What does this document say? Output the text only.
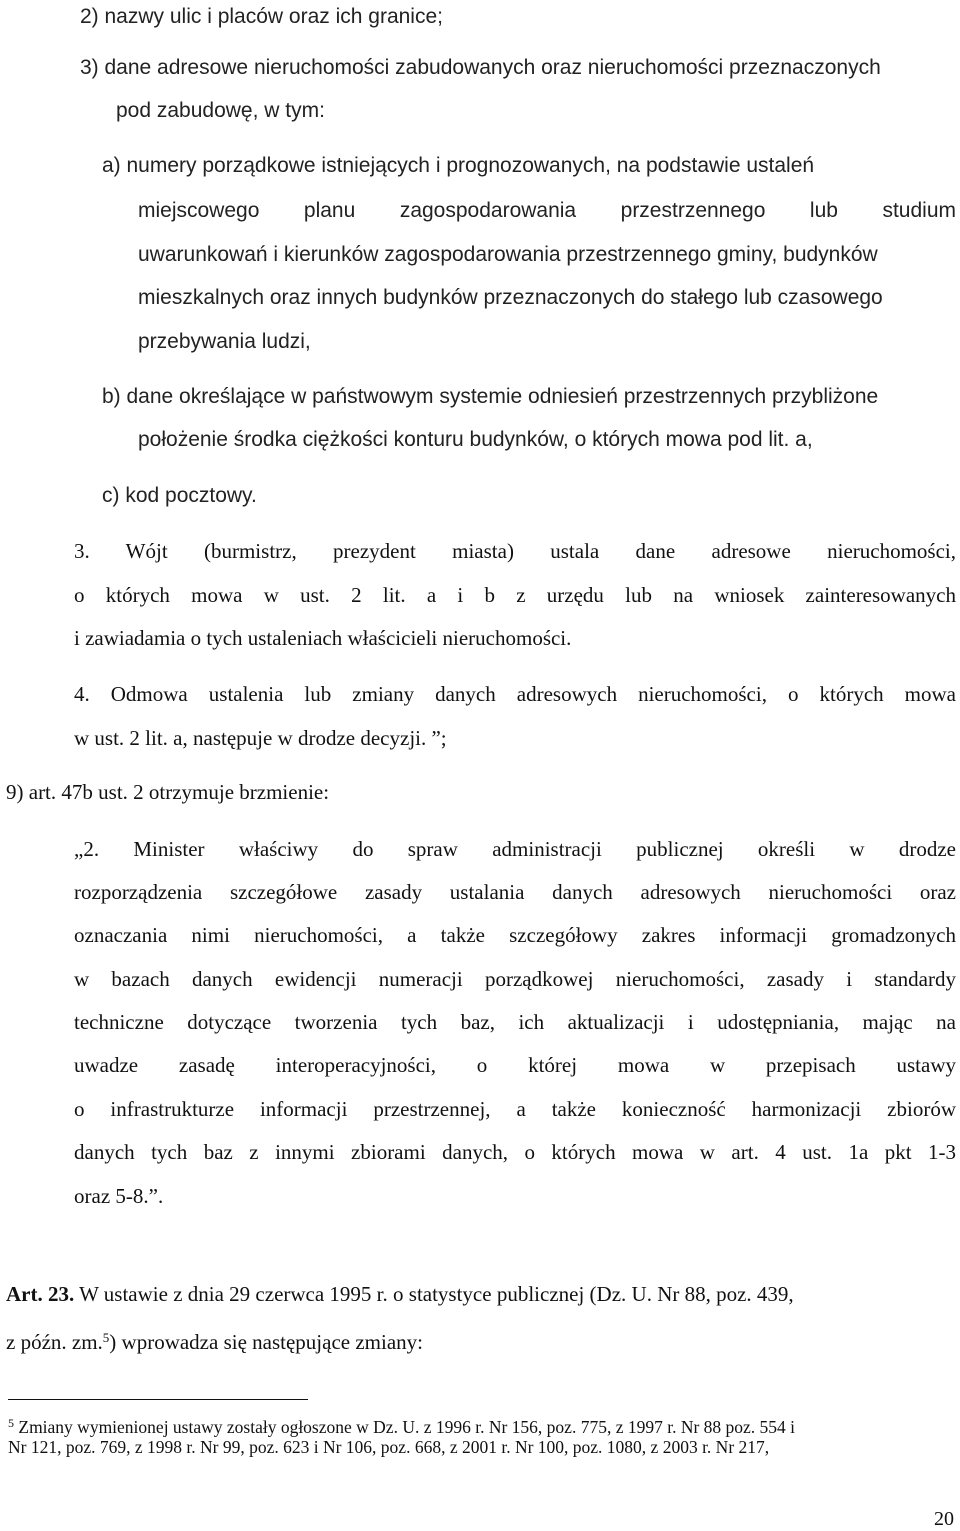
2) nazwy ulic i placów oraz ich granice;
3) dane adresowe nieruchomości zabudowanych oraz nieruchomości przeznaczonych
pod zabudowę, w tym:
a) numery porządkowe istniejących i prognozowanych, na podstawie ustaleń
miejscowego planu zagospodarowania przestrzennego lub studium
uwarunkowań i kierunków zagospodarowania przestrzennego gminy, budynków
mieszkalnych oraz innych budynków przeznaczonych do stałego lub czasowego
przebywania ludzi,
b) dane określające w państwowym systemie odniesień przestrzennych przybliżone
położenie środka ciężkości konturu budynków, o których mowa pod lit. a,
c) kod pocztowy.
3. Wójt (burmistrz, prezydent miasta) ustala dane adresowe nieruchomości,
o których mowa w ust. 2 lit. a i b z urzędu lub na wniosek zainteresowanych
i zawiadamia o tych ustaleniach właścicieli nieruchomości.
4. Odmowa ustalenia lub zmiany danych adresowych nieruchomości, o których mowa
w ust. 2 lit. a, następuje w drodze decyzji. ”;
9) art. 47b ust. 2 otrzymuje brzmienie:
„2. Minister właściwy do spraw administracji publicznej określi w drodze
rozporządzenia szczegółowe zasady ustalania danych adresowych nieruchomości oraz
oznaczania nimi nieruchomości, a także szczegółowy zakres informacji gromadzonych
w bazach danych ewidencji numeracji porządkowej nieruchomości, zasady i standardy
techniczne dotyczące tworzenia tych baz, ich aktualizacji i udostępniania, mając na
uwadze zasadę interoperacyjności, o której mowa w przepisach ustawy
o infrastrukturze informacji przestrzennej, a także konieczność harmonizacji zbiorów
danych tych baz z innymi zbiorami danych, o których mowa w art. 4 ust. 1a pkt 1-3
oraz 5-8.”.
Art. 23. W ustawie z dnia 29 czerwca 1995 r. o statystyce publicznej (Dz. U. Nr 88, poz. 439,
z późn. zm.$^5$) wprowadza się następujące zmiany:
$^5$ Zmiany wymienionej ustawy zostały ogłoszone w Dz. U. z 1996 r. Nr 156, poz. 775, z 1997 r. Nr 88 poz. 554 i
Nr 121, poz. 769, z 1998 r. Nr 99, poz. 623 i Nr 106, poz. 668, z 2001 r. Nr 100, poz. 1080, z 2003 r. Nr 217,
20
